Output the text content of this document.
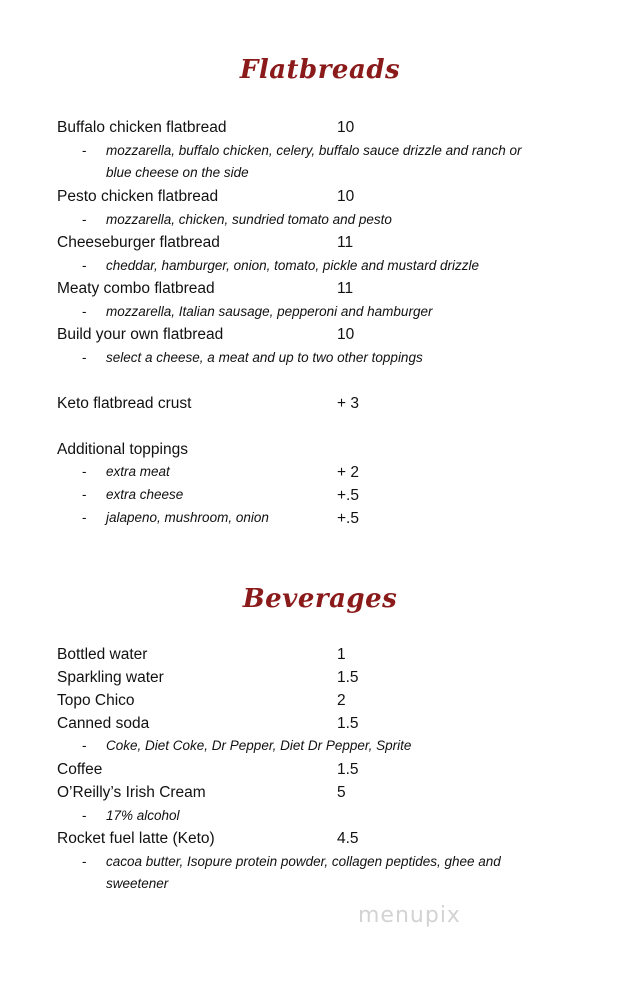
Flatbreads
Buffalo chicken flatbread	10
- mozzarella, buffalo chicken, celery, buffalo sauce drizzle and ranch or blue cheese on the side
Pesto chicken flatbread	10
- mozzarella, chicken, sundried tomato and pesto
Cheeseburger flatbread	11
- cheddar, hamburger, onion, tomato, pickle and mustard drizzle
Meaty combo flatbread	11
- mozzarella, Italian sausage, pepperoni and hamburger
Build your own flatbread	10
- select a cheese, a meat and up to two other toppings
Keto flatbread crust	+ 3
Additional toppings
- extra meat	+ 2
- extra cheese	+.5
- jalapeno, mushroom, onion	+.5
Beverages
Bottled water	1
Sparkling water	1.5
Topo Chico	2
Canned soda	1.5
- Coke, Diet Coke, Dr Pepper, Diet Dr Pepper, Sprite
Coffee	1.5
O’Reilly’s Irish Cream	5
- 17% alcohol
Rocket fuel latte (Keto)	4.5
- cacoa butter, Isopure protein powder, collagen peptides, ghee and sweetener
menupix
